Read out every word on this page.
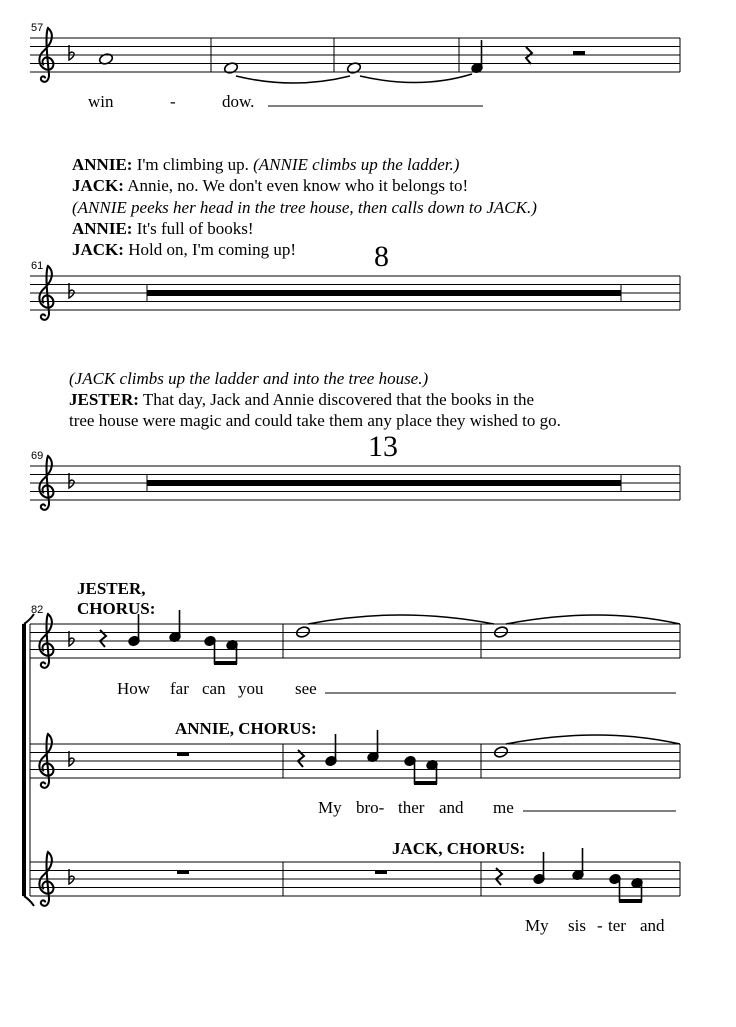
57
win	-	dow.
ANNIE: I'm climbing up. (ANNIE climbs up the ladder.)
JACK: Annie, no. We don't even know who it belongs to!
(ANNIE peeks her head in the tree house, then calls down to JACK.)
ANNIE: It's full of books!
JACK: Hold on, I'm coming up!
61	8
(JACK climbs up the ladder and into the tree house.)
JESTER: That day, Jack and Annie discovered that the books in the
tree house were magic and could take them any place they wished to go.
69	13
82
JESTER,
CHORUS:
How far can you see
ANNIE, CHORUS:
My bro- ther and me
JACK, CHORUS:
My sis - ter and
